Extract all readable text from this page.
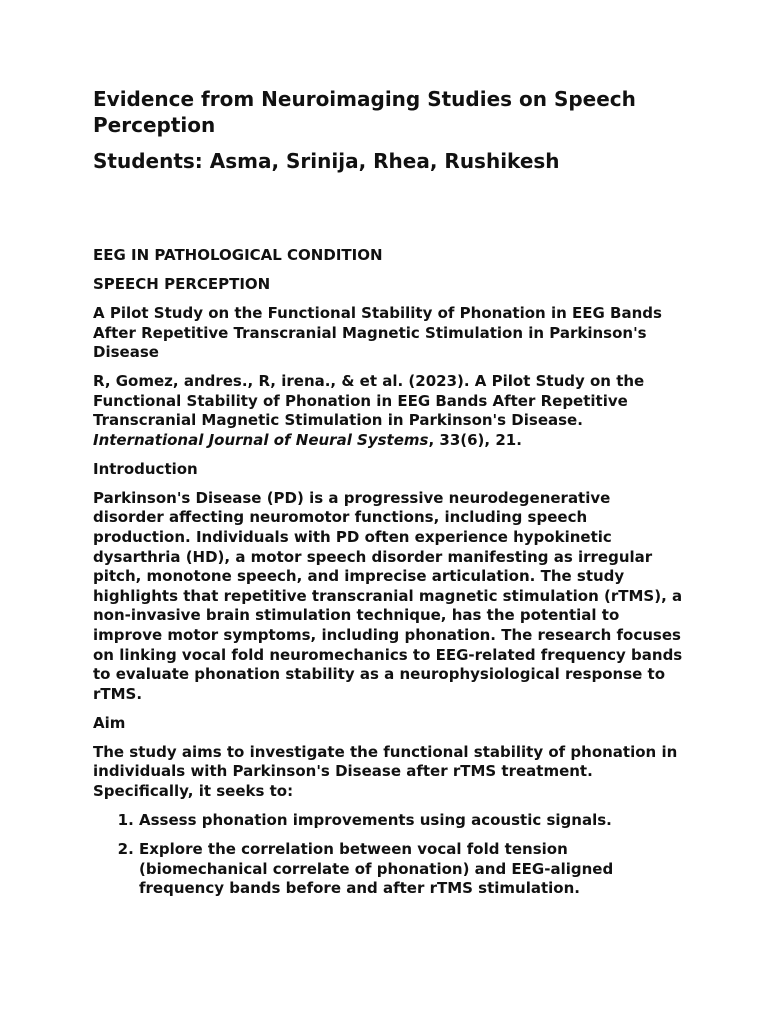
Evidence from Neuroimaging Studies on Speech Perception
Students: Asma, Srinija, Rhea, Rushikesh
EEG IN PATHOLOGICAL CONDITION

SPEECH PERCEPTION

A Pilot Study on the Functional Stability of Phonation in EEG Bands After Repetitive Transcranial Magnetic Stimulation in Parkinson's Disease

R, Gomez, andres., R, irena., & et al. (2023). A Pilot Study on the Functional Stability of Phonation in EEG Bands After Repetitive Transcranial Magnetic Stimulation in Parkinson's Disease. International Journal of Neural Systems, 33(6), 21.

Introduction

Parkinson's Disease (PD) is a progressive neurodegenerative disorder affecting neuromotor functions, including speech production. Individuals with PD often experience hypokinetic dysarthria (HD), a motor speech disorder manifesting as irregular pitch, monotone speech, and imprecise articulation. The study highlights that repetitive transcranial magnetic stimulation (rTMS), a non-invasive brain stimulation technique, has the potential to improve motor symptoms, including phonation. The research focuses on linking vocal fold neuromechanics to EEG-related frequency bands to evaluate phonation stability as a neurophysiological response to rTMS.

Aim

The study aims to investigate the functional stability of phonation in individuals with Parkinson's Disease after rTMS treatment. Specifically, it seeks to:

1. Assess phonation improvements using acoustic signals.
2. Explore the correlation between vocal fold tension (biomechanical correlate of phonation) and EEG-aligned frequency bands before and after rTMS stimulation.
